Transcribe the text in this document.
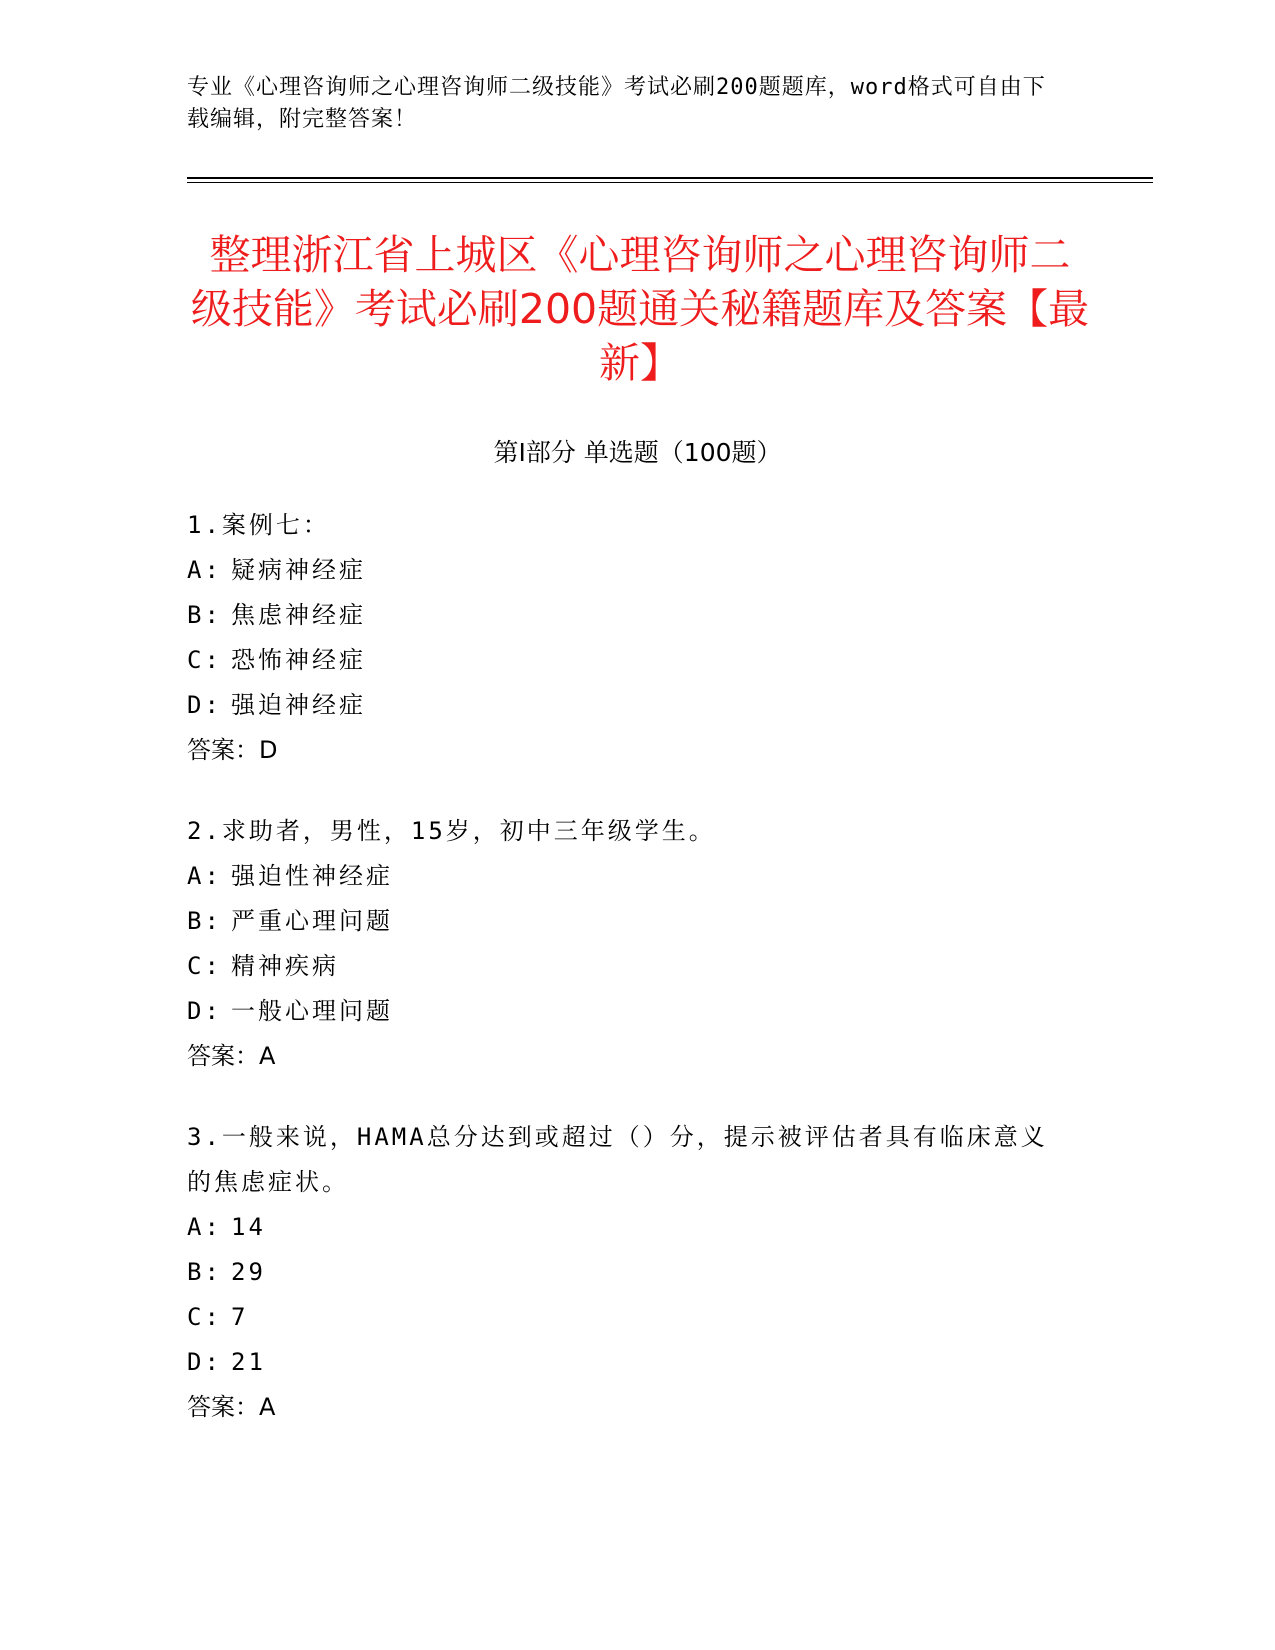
专业《心理咨询师之心理咨询师二级技能》考试必刷200题题库，word格式可自由下载编辑，附完整答案！
整理浙江省上城区《心理咨询师之心理咨询师二级技能》考试必刷200题通关秘籍题库及答案【最新】
第Ⅰ部分 单选题（100题）

1.案例七：

A: 疑病神经症

B: 焦虑神经症

C: 恐怖神经症

D: 强迫神经症

答案：D

2.求助者，男性，15岁，初中三年级学生。

A: 强迫性神经症

B: 严重心理问题

C: 精神疾病

D: 一般心理问题

答案：A

3.一般来说，HAMA总分达到或超过（）分，提示被评估者具有临床意义的焦虑症状。

A: 14

B: 29

C: 7

D: 21

答案：A
